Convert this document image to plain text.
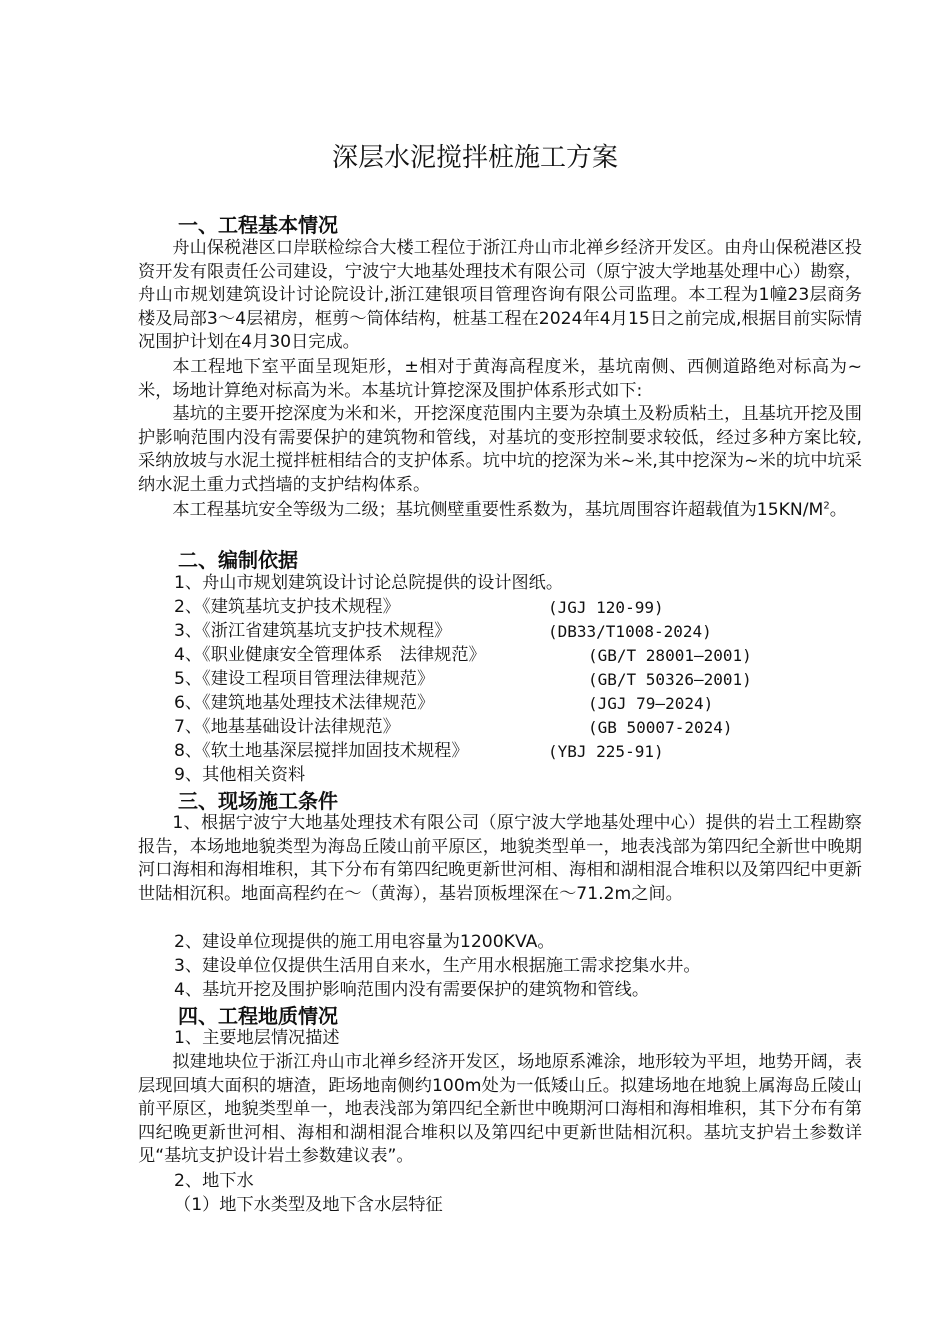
深层水泥搅拌桩施工方案
一、工程基本情况

舟山保税港区口岸联检综合大楼工程位于浙江舟山市北禅乡经济开发区。由舟山保税港区投资开发有限责任公司建设，宁波宁大地基处理技术有限公司（原宁波大学地基处理中心）勘察，舟山市规划建筑设计讨论院设计,浙江建银项目管理咨询有限公司监理。本工程为1幢23层商务楼及局部3～4层裙房，框剪～筒体结构，桩基工程在2024年4月15日之前完成,根据目前实际情况围护计划在4月30日完成。

本工程地下室平面呈现矩形，±相对于黄海高程度米，基坑南侧、西侧道路绝对标高为~米，场地计算绝对标高为米。本基坑计算挖深及围护体系形式如下:

基坑的主要开挖深度为米和米，开挖深度范围内主要为杂填土及粉质粘土，且基坑开挖及围护影响范围内没有需要保护的建筑物和管线，对基坑的变形控制要求较低，经过多种方案比较,采纳放坡与水泥土搅拌桩相结合的支护体系。坑中坑的挖深为米~米,其中挖深为~米的坑中坑采纳水泥土重力式挡墙的支护结构体系。

本工程基坑安全等级为二级；基坑侧壁重要性系数为，基坑周围容许超载值为$15KN/M^2$。

二、编制依据

1、舟山市规划建筑设计讨论总院提供的设计图纸。

2、《建筑基坑支护技术规程》	(JGJ 120-99)
3、《浙江省建筑基坑支护技术规程》	(DB33/T1008-2024)
4、《职业健康安全管理体系　法律规范》	(GB/T 28001—2001)
5、《建设工程项目管理法律规范》	(GB/T 50326—2001)
6、《建筑地基处理技术法律规范》	(JGJ 79—2024)
7、《地基基础设计法律规范》	(GB 50007-2024)
8、《软土地基深层搅拌加固技术规程》	(YBJ 225-91)

9、其他相关资料

三、现场施工条件

1、根据宁波宁大地基处理技术有限公司（原宁波大学地基处理中心）提供的岩土工程勘察报告，本场地地貌类型为海岛丘陵山前平原区，地貌类型单一，地表浅部为第四纪全新世中晚期河口海相和海相堆积，其下分布有第四纪晚更新世河相、海相和湖相混合堆积以及第四纪中更新世陆相沉积。地面高程约在～（黄海），基岩顶板埋深在～71.2m之间。

2、建设单位现提供的施工用电容量为1200KVA。

3、建设单位仅提供生活用自来水，生产用水根据施工需求挖集水井。

4、基坑开挖及围护影响范围内没有需要保护的建筑物和管线。

四、工程地质情况

1、主要地层情况描述

拟建地块位于浙江舟山市北禅乡经济开发区，场地原系滩涂，地形较为平坦，地势开阔，表层现回填大面积的塘渣，距场地南侧约100m处为一低矮山丘。拟建场地在地貌上属海岛丘陵山前平原区，地貌类型单一，地表浅部为第四纪全新世中晚期河口海相和海相堆积，其下分布有第四纪晚更新世河相、海相和湖相混合堆积以及第四纪中更新世陆相沉积。基坑支护岩土参数详见“基坑支护设计岩土参数建议表”。

2、地下水

（1）地下水类型及地下含水层特征
